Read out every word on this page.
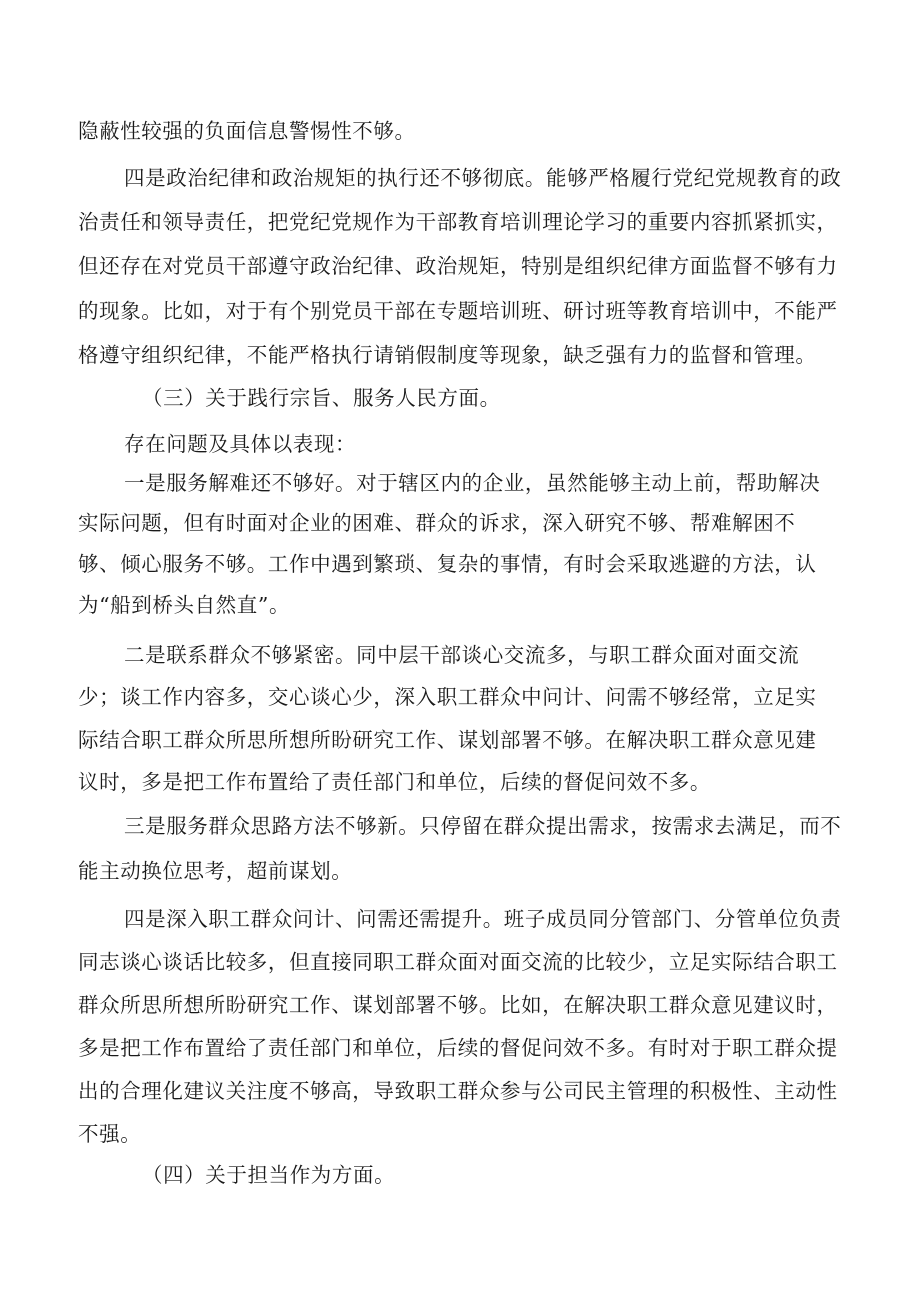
隐蔽性较强的负面信息警惕性不够。
四是政治纪律和政治规矩的执行还不够彻底。能够严格履行党纪党规教育的政
治责任和领导责任，把党纪党规作为干部教育培训理论学习的重要内容抓紧抓实，
但还存在对党员干部遵守政治纪律、政治规矩，特别是组织纪律方面监督不够有力
的现象。比如，对于有个别党员干部在专题培训班、研讨班等教育培训中，不能严
格遵守组织纪律，不能严格执行请销假制度等现象，缺乏强有力的监督和管理。
（三）关于践行宗旨、服务人民方面。
存在问题及具体以表现：
一是服务解难还不够好。对于辖区内的企业，虽然能够主动上前，帮助解决
实际问题，但有时面对企业的困难、群众的诉求，深入研究不够、帮难解困不
够、倾心服务不够。工作中遇到繁琐、复杂的事情，有时会采取逃避的方法，认
为“船到桥头自然直”。
二是联系群众不够紧密。同中层干部谈心交流多，与职工群众面对面交流
少；谈工作内容多，交心谈心少，深入职工群众中问计、问需不够经常，立足实
际结合职工群众所思所想所盼研究工作、谋划部署不够。在解决职工群众意见建
议时，多是把工作布置给了责任部门和单位，后续的督促问效不多。
三是服务群众思路方法不够新。只停留在群众提出需求，按需求去满足，而不
能主动换位思考，超前谋划。
四是深入职工群众问计、问需还需提升。班子成员同分管部门、分管单位负责
同志谈心谈话比较多，但直接同职工群众面对面交流的比较少，立足实际结合职工
群众所思所想所盼研究工作、谋划部署不够。比如，在解决职工群众意见建议时，
多是把工作布置给了责任部门和单位，后续的督促问效不多。有时对于职工群众提
出的合理化建议关注度不够高，导致职工群众参与公司民主管理的积极性、主动性
不强。
（四）关于担当作为方面。
